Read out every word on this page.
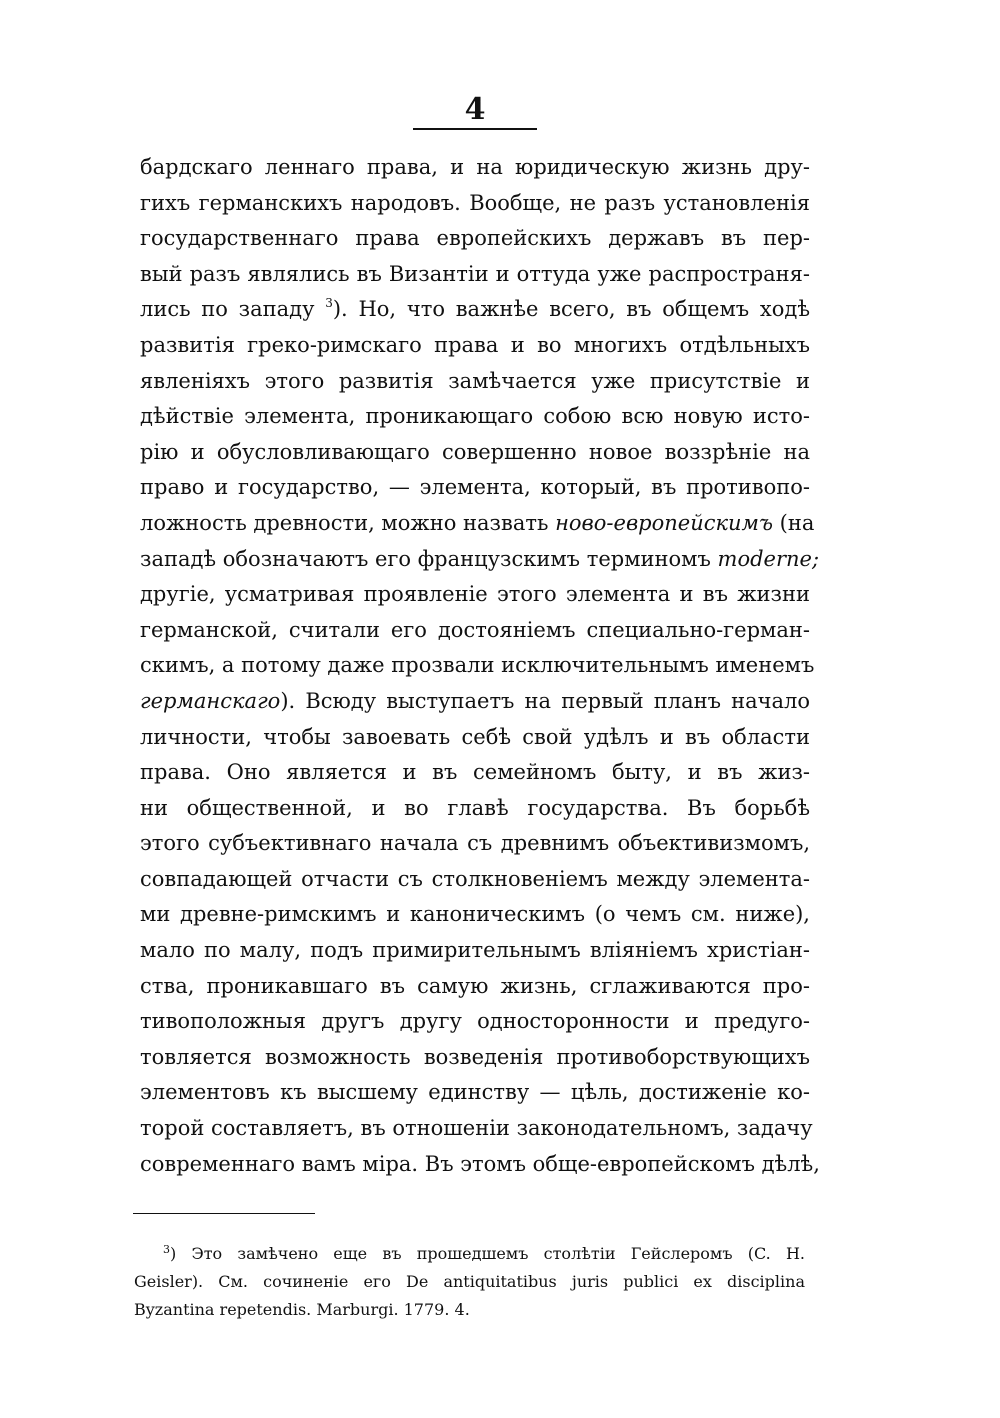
4
бардскаго леннаго права, и на юридическую жизнь дру-
гихъ германскихъ народовъ. Вообще, не разъ установленія
государственнаго права европейскихъ державъ въ пер-
вый разъ являлись въ Византіи и оттуда уже распространя-
лись по западу $^3$). Но, что важнѣе всего, въ общемъ ходѣ
развитія греко-римскаго права и во многихъ отдѣльныхъ
явленіяхъ этого развитія замѣчается уже присутствіе и
дѣйствіе элемента, проникающаго собою всю новую исто-
рію и обусловливающаго совершенно новое воззрѣніе на
право и государство, — элемента, который, въ противопо-
ложность древности, можно назвать ново-европейскимъ (на
западѣ обозначаютъ его французскимъ терминомъ moderne;
другіе, усматривая проявленіе этого элемента и въ жизни
германской, считали его достояніемъ специально-герман-
скимъ, а потому даже прозвали исключительнымъ именемъ
германскаго). Всюду выступаетъ на первый планъ начало
личности, чтобы завоевать себѣ свой удѣлъ и въ области
права. Оно является и въ семейномъ быту, и въ жиз-
ни общественной, и во главѣ государства. Въ борьбѣ
этого субъективнаго начала съ древнимъ объективизмомъ,
совпадающей отчасти съ столкновеніемъ между элемента-
ми древне-римскимъ и каноническимъ (о чемъ см. ниже),
мало по малу, подъ примирительнымъ вліяніемъ христіан-
ства, проникавшаго въ самую жизнь, сглаживаются про-
тивоположныя другъ другу односторонности и предуго-
товляется возможность возведенія противоборствующихъ
элементовъ къ высшему единству — цѣль, достиженіе ко-
торой составляетъ, въ отношеніи законодательномъ, задачу
современнаго вамъ міра. Въ этомъ обще-европейскомъ дѣлѣ,
$^3$) Это замѣчено еще въ прошедшемъ столѣтіи Гейслеромъ (C. H.
Geisler). См. сочиненіе его De antiquitatibus juris publici ex disciplina
Byzantina repetendis. Marburgi. 1779. 4.
